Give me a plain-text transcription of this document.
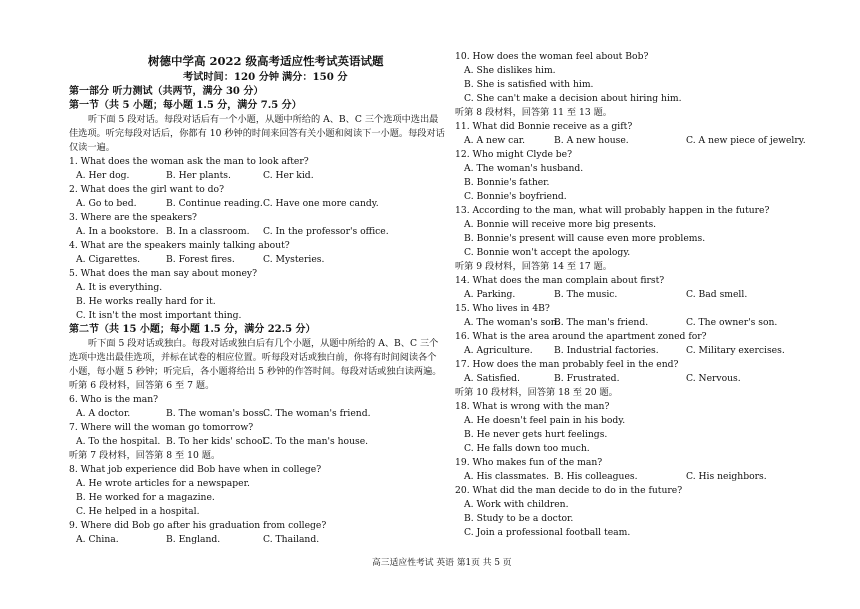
树德中学高 2022 级高考适应性考试英语试题
考试时间：120 分钟 满分：150 分
第一部分 听力测试（共两节，满分 30 分）
第一节（共 5 小题；每小题 1.5 分，满分 7.5 分）
听下面 5 段对话。每段对话后有一个小题，从题中所给的 A、B、C 三个选项中选出最
佳选项。听完每段对话后，你都有 10 秒钟的时间来回答有关小题和阅读下一小题。每段对话
仅读一遍。
1. What does the woman ask the man to look after?
A. Her dog.	B. Her plants.	C. Her kid.
2. What does the girl want to do?
A. Go to bed.	B. Continue reading. C. Have one more candy.
3. Where are the speakers?
A. In a bookstore. B. In a classroom. C. In the professor's office.
4. What are the speakers mainly talking about?
A. Cigarettes.	B. Forest fires.	C. Mysteries.
5. What does the man say about money?
A. It is everything.
B. He works really hard for it.
C. It isn't the most important thing.
第二节（共 15 小题；每小题 1.5 分，满分 22.5 分）
听下面 5 段对话或独白。每段对话或独白后有几个小题，从题中所给的 A、B、C 三个
选项中选出最佳选项，并标在试卷的相应位置。听每段对话或独白前，你将有时间阅读各个
小题，每小题 5 秒钟；听完后，各小题将给出 5 秒钟的作答时间。每段对话或独白读两遍。
听第 6 段材料，回答第 6 至 7 题。
6. Who is the man?
A. A doctor.	B. The woman's boss.
C. The woman's friend.
7. Where will the woman go tomorrow?
A. To the hospital. B. To her kids' school.
C. To the man's house.
听第 7 段材料，回答第 8 至 10 题。
8. What job experience did Bob have when in college?
A. He wrote articles for a newspaper.
B. He worked for a magazine.
C. He helped in a hospital.
9. Where did Bob go after his graduation from college?
A. China.	B. England.	C. Thailand.
10. How does the woman feel about Bob?
A. She dislikes him.
B. She is satisfied with him.
C. She can't make a decision about hiring him.
听第 8 段材料，回答第 11 至 13 题。
11. What did Bonnie receive as a gift?
A. A new car.	B. A new house.	C. A new piece of jewelry.
12. Who might Clyde be?
A. The woman's husband.
B. Bonnie's father.
C. Bonnie's boyfriend.
13. According to the man, what will probably happen in the future?
A. Bonnie will receive more big presents.
B. Bonnie's present will cause even more problems.
C. Bonnie won't accept the apology.
听第 9 段材料，回答第 14 至 17 题。
14. What does the man complain about first?
A. Parking.	B. The music.	C. Bad smell.
15. Who lives in 4B?
A. The woman's son.
B. The man's friend.	C. The owner's son.
16. What is the area around the apartment zoned for?
A. Agriculture. B. Industrial factories.	C. Military exercises.
17. How does the man probably feel in the end?
A. Satisfied.	B. Frustrated.	C. Nervous.
听第 10 段材料，回答第 18 至 20 题。
18. What is wrong with the man?
A. He doesn't feel pain in his body.
B. He never gets hurt feelings.
C. He falls down too much.
19. Who makes fun of the man?
A. His classmates. B. His colleagues.	C. His neighbors.
20. What did the man decide to do in the future?
A. Work with children.
B. Study to be a doctor.
C. Join a professional football team.
高三适应性考试 英语 第1页 共 5 页
